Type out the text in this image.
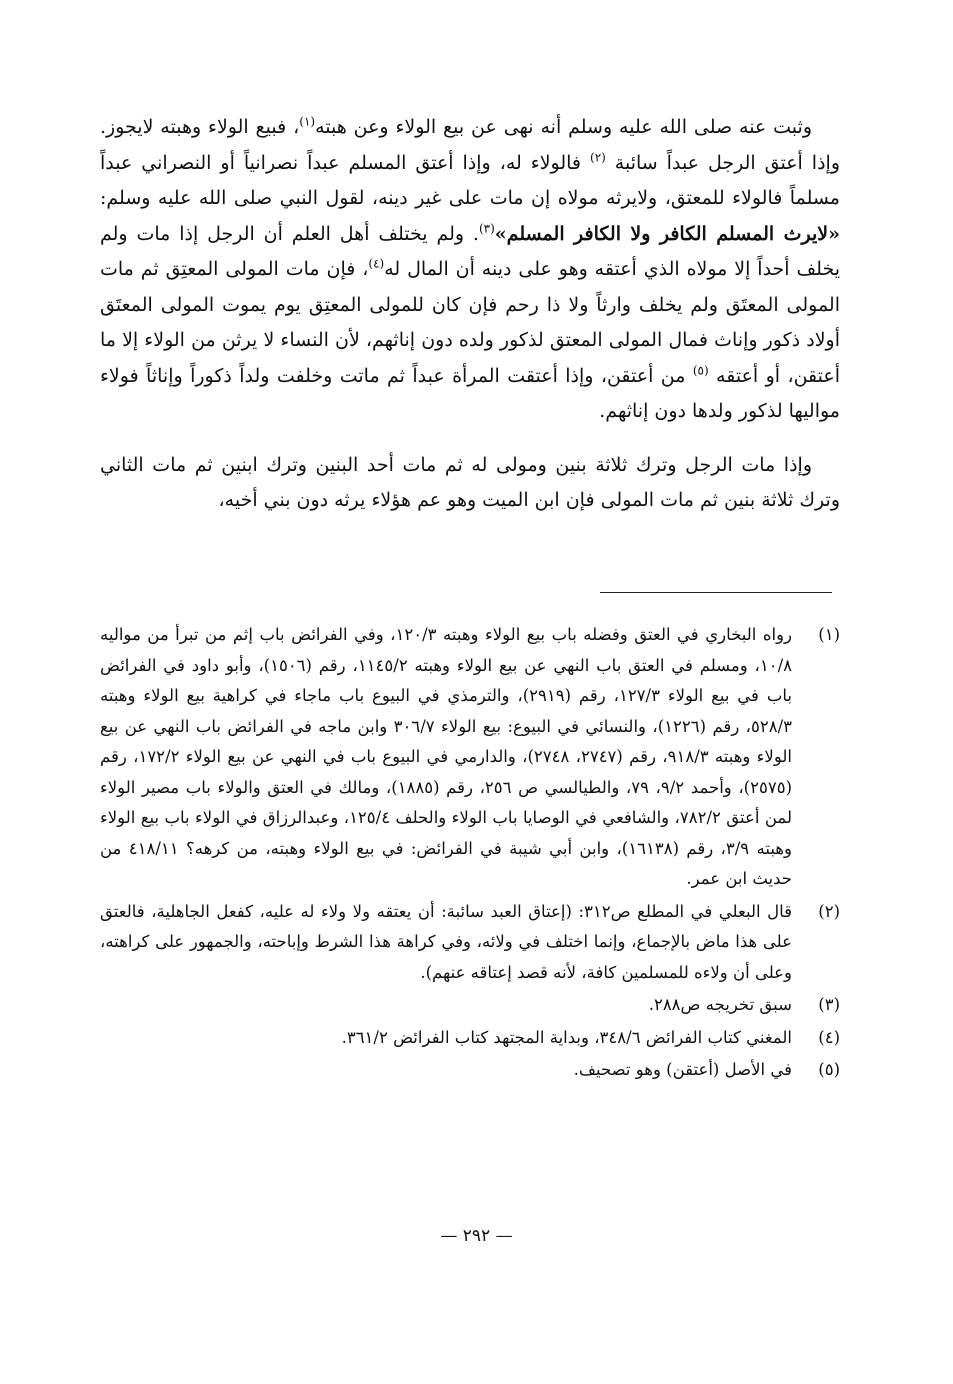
وثبت عنه صلى الله عليه وسلم أنه نهى عن بيع الولاء وعن هبته$^{(١)}$، فبيع الولاء وهبته لايجوز. وإذا أعتق الرجل عبداً سائبة $^{(٢)}$ فالولاء له، وإذا أعتق المسلم عبداً نصرانياً أو النصراني عبداً مسلماً فالولاء للمعتق، ولايرثه مولاه إن مات على غير دينه، لقول النبي صلى الله عليه وسلم: «لايرث المسلم الكافر ولا الكافر المسلم»$^{(٣)}$. ولم يختلف أهل العلم أن الرجل إذا مات ولم يخلف أحداً إلا مولاه الذي أعتقه وهو على دينه أن المال له$^{(٤)}$، فإن مات المولى المعتِق ثم مات المولى المعتَق ولم يخلف وارثاً ولا ذا رحم فإن كان للمولى المعتِق يوم يموت المولى المعتَق أولاد ذكور وإناث فمال المولى المعتق لذكور ولده دون إناثهم، لأن النساء لا يرثن من الولاء إلا ما أعتقن، أو أعتقه $^{(٥)}$ من أعتقن، وإذا أعتقت المرأة عبداً ثم ماتت وخلفت ولداً ذكوراً وإناثاً فولاء مواليها لذكور ولدها دون إناثهم.

وإذا مات الرجل وترك ثلاثة بنين ومولى له ثم مات أحد البنين وترك ابنين ثم مات الثاني وترك ثلاثة بنين ثم مات المولى فإن ابن الميت وهو عم هؤلاء يرثه دون بني أخيه،

(١)
رواه البخاري في العتق وفضله باب بيع الولاء وهبته ١٢٠/٣، وفي الفرائض باب إثم من تبرأ من مواليه ١٠/٨، ومسلم في العتق باب النهي عن بيع الولاء وهبته ١١٤٥/٢، رقم (١٥٠٦)، وأبو داود في الفرائض باب في بيع الولاء ١٢٧/٣، رقم (٢٩١٩)، والترمذي في البيوع باب ماجاء في كراهية بيع الولاء وهبته ٥٢٨/٣، رقم (١٢٢٦)، والنسائي في البيوع: بيع الولاء ٣٠٦/٧ وابن ماجه في الفرائض باب النهي عن بيع الولاء وهبته ٩١٨/٣، رقم (٢٧٤٧، ٢٧٤٨)، والدارمي في البيوع باب في النهي عن بيع الولاء ١٧٢/٢، رقم (٢٥٧٥)، وأحمد ٩/٢، ٧٩، والطيالسي ص ٢٥٦، رقم (١٨٨٥)، ومالك في العتق والولاء باب مصير الولاء لمن أعتق ٧٨٢/٢، والشافعي في الوصايا باب الولاء والحلف ١٢٥/٤، وعبدالرزاق في الولاء باب بيع الولاء وهبته ٣/٩، رقم (١٦١٣٨)، وابن أبي شيبة في الفرائض: في بيع الولاء وهبته، من كرهه؟ ٤١٨/١١ من حديث ابن عمر.
(٢)
قال البعلي في المطلع ص٣١٢: (إعتاق العبد سائبة: أن يعتقه ولا ولاء له عليه، كفعل الجاهلية، فالعتق على هذا ماض بالإجماع، وإنما اختلف في ولائه، وفي كراهة هذا الشرط وإباحته، والجمهور على كراهته، وعلى أن ولاءه للمسلمين كافة، لأنه قصد إعتاقه عنهم).
(٣)
سبق تخريجه ص٢٨٨.
(٤)
المغني كتاب الفرائض ٣٤٨/٦، وبداية المجتهد كتاب الفرائض ٣٦١/٢.
(٥)
في الأصل (أعتقن) وهو تصحيف.
— ٢٩٢ —
